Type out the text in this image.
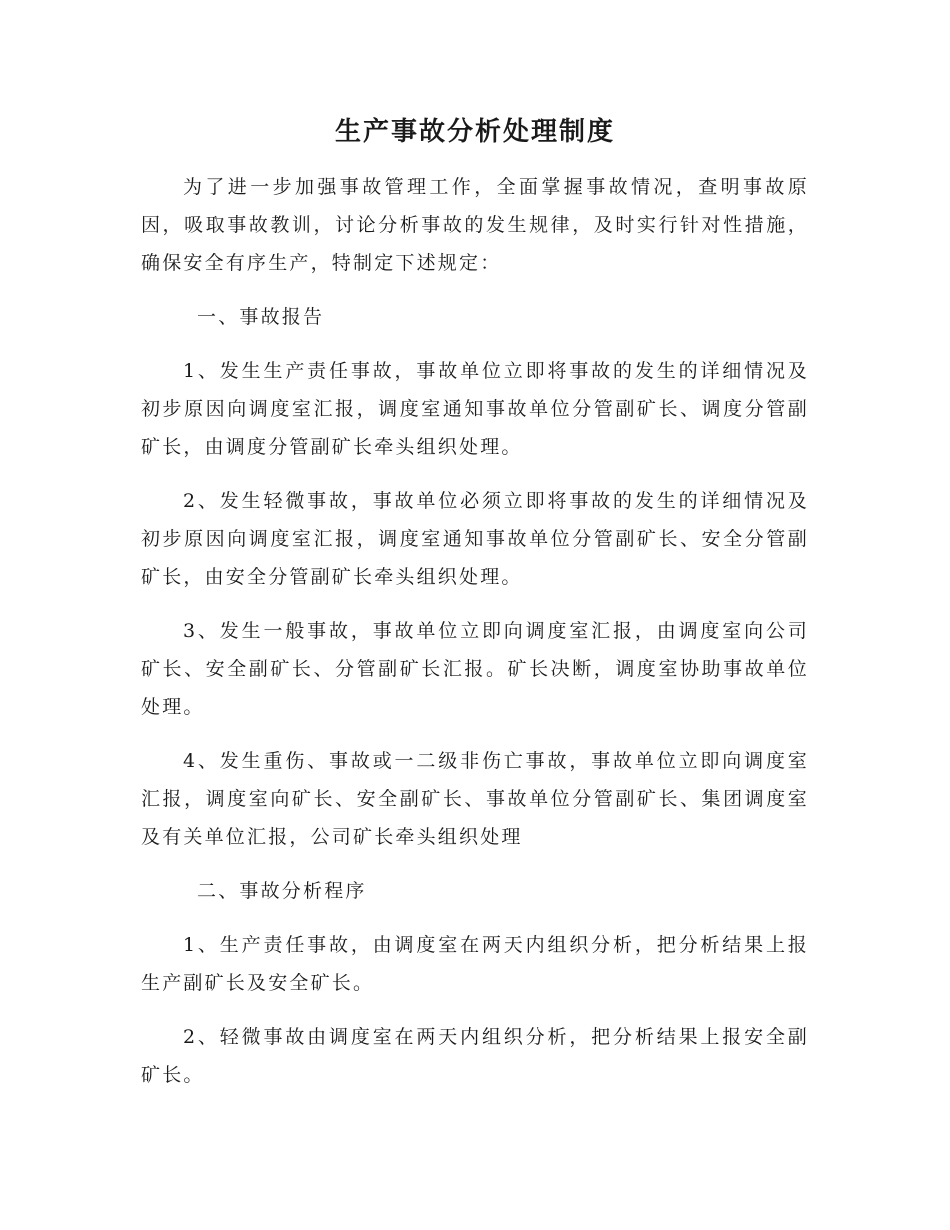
生产事故分析处理制度

为了进一步加强事故管理工作，全面掌握事故情况，查明事故原因，吸取事故教训，讨论分析事故的发生规律，及时实行针对性措施，确保安全有序生产，特制定下述规定：

一、事故报告

1、发生生产责任事故，事故单位立即将事故的发生的详细情况及初步原因向调度室汇报，调度室通知事故单位分管副矿长、调度分管副矿长，由调度分管副矿长牵头组织处理。

2、发生轻微事故，事故单位必须立即将事故的发生的详细情况及初步原因向调度室汇报，调度室通知事故单位分管副矿长、安全分管副矿长，由安全分管副矿长牵头组织处理。

3、发生一般事故，事故单位立即向调度室汇报，由调度室向公司矿长、安全副矿长、分管副矿长汇报。矿长决断，调度室协助事故单位处理。

4、发生重伤、事故或一二级非伤亡事故，事故单位立即向调度室汇报，调度室向矿长、安全副矿长、事故单位分管副矿长、集团调度室及有关单位汇报，公司矿长牵头组织处理

二、事故分析程序

1、生产责任事故，由调度室在两天内组织分析，把分析结果上报生产副矿长及安全矿长。

2、轻微事故由调度室在两天内组织分析，把分析结果上报安全副矿长。
